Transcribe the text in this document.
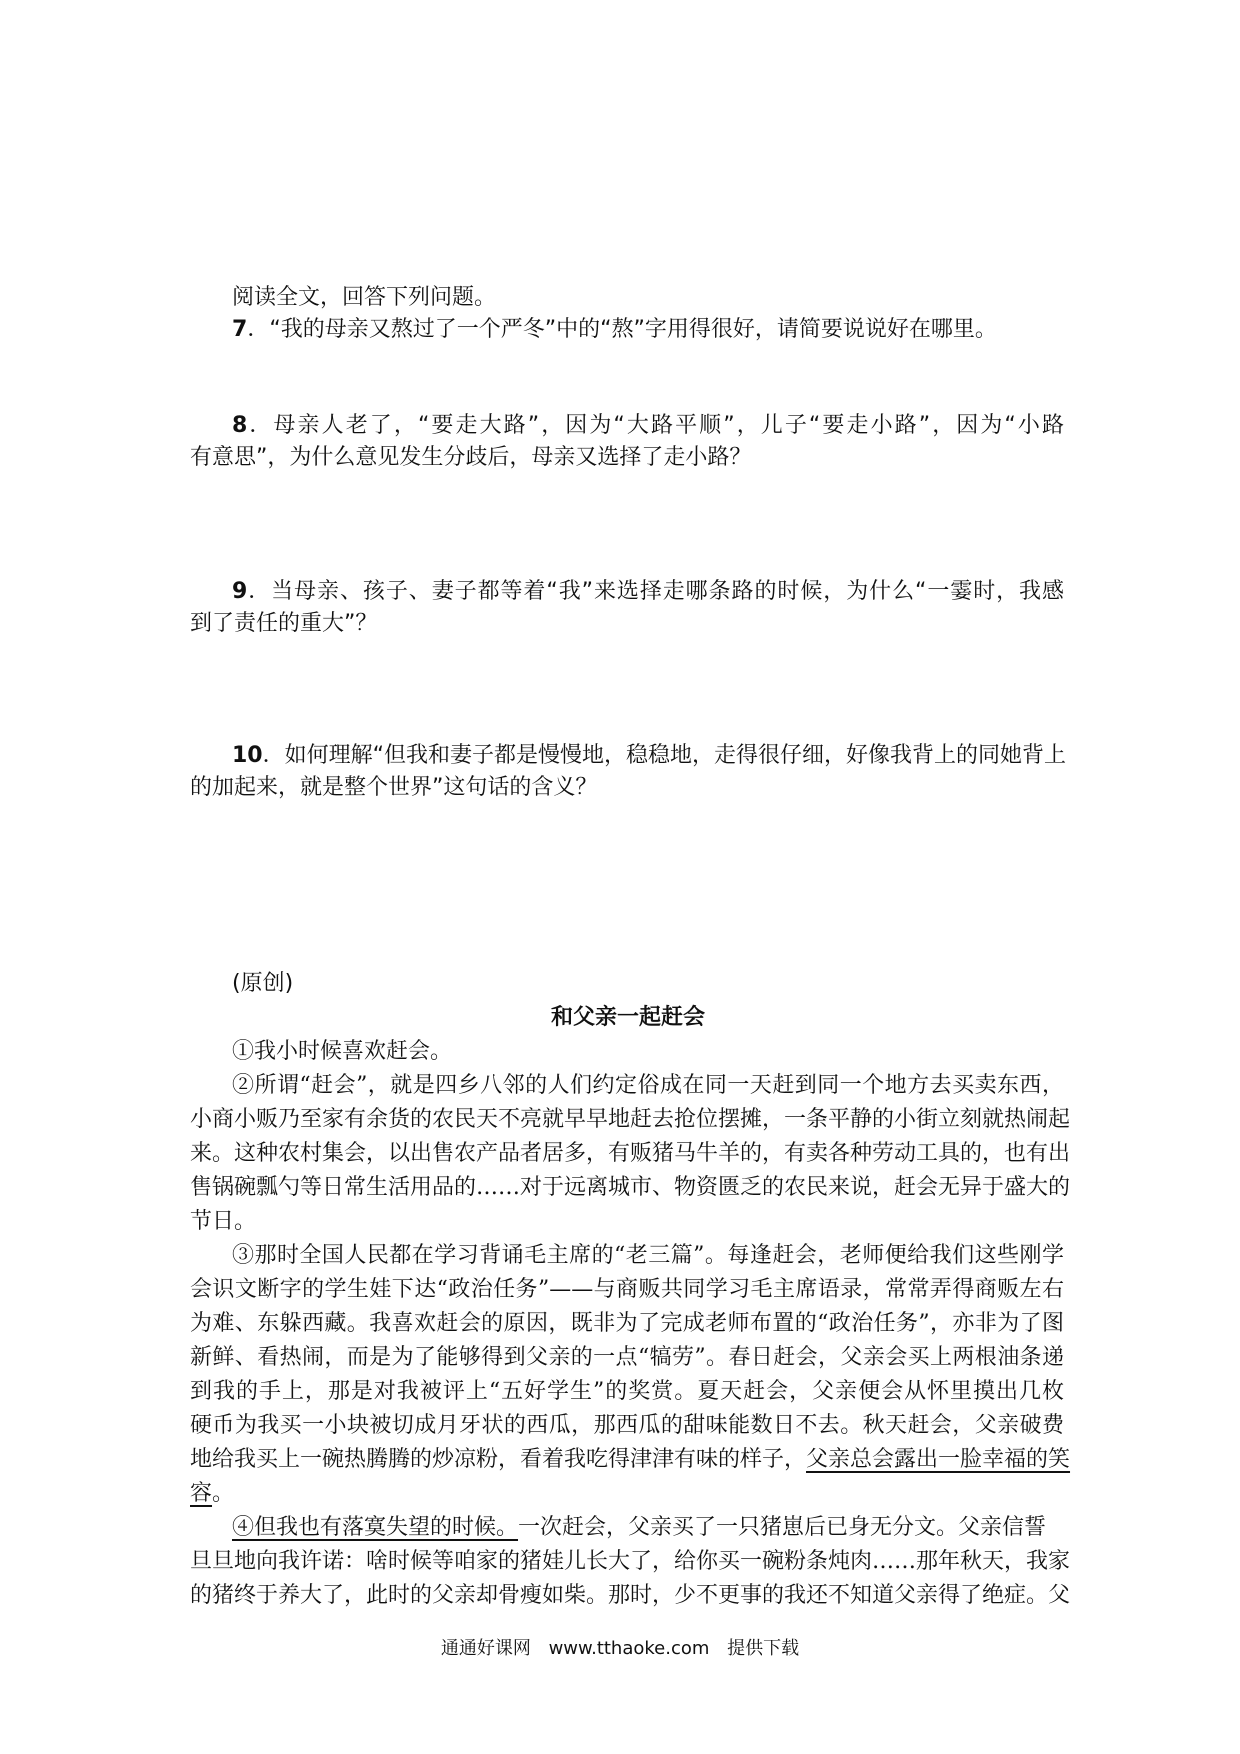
阅读全文，回答下列问题。
7．“我的母亲又熬过了一个严冬”中的“熬”字用得很好，请简要说说好在哪里。
8．母亲人老了，“要走大路”，因为“大路平顺”，儿子“要走小路”，因为“小路
有意思”，为什么意见发生分歧后，母亲又选择了走小路？
9．当母亲、孩子、妻子都等着“我”来选择走哪条路的时候，为什么“一霎时，我感
到了责任的重大”？
10．如何理解“但我和妻子都是慢慢地，稳稳地，走得很仔细，好像我背上的同她背上
的加起来，就是整个世界”这句话的含义？
(原创)
和父亲一起赶会
①我小时候喜欢赶会。
②所谓“赶会”，就是四乡八邻的人们约定俗成在同一天赶到同一个地方去买卖东西，
小商小贩乃至家有余货的农民天不亮就早早地赶去抢位摆摊，一条平静的小街立刻就热闹起
来。这种农村集会，以出售农产品者居多，有贩猪马牛羊的，有卖各种劳动工具的，也有出
售锅碗瓢勺等日常生活用品的……对于远离城市、物资匮乏的农民来说，赶会无异于盛大的
节日。
③那时全国人民都在学习背诵毛主席的“老三篇”。每逢赶会，老师便给我们这些刚学
会识文断字的学生娃下达“政治任务”——与商贩共同学习毛主席语录，常常弄得商贩左右
为难、东躲西藏。我喜欢赶会的原因，既非为了完成老师布置的“政治任务”，亦非为了图
新鲜、看热闹，而是为了能够得到父亲的一点“犒劳”。春日赶会，父亲会买上两根油条递
到我的手上，那是对我被评上“五好学生”的奖赏。夏天赶会，父亲便会从怀里摸出几枚
硬币为我买一小块被切成月牙状的西瓜，那西瓜的甜味能数日不去。秋天赶会，父亲破费
地给我买上一碗热腾腾的炒凉粉，看着我吃得津津有味的样子，父亲总会露出一脸幸福的笑
容。
④但我也有落寞失望的时候。一次赶会，父亲买了一只猪崽后已身无分文。父亲信誓
旦旦地向我许诺：啥时候等咱家的猪娃儿长大了，给你买一碗粉条炖肉……那年秋天，我家
的猪终于养大了，此时的父亲却骨瘦如柴。那时，少不更事的我还不知道父亲得了绝症。父
通通好课网 www.tthaoke.com 提供下载
